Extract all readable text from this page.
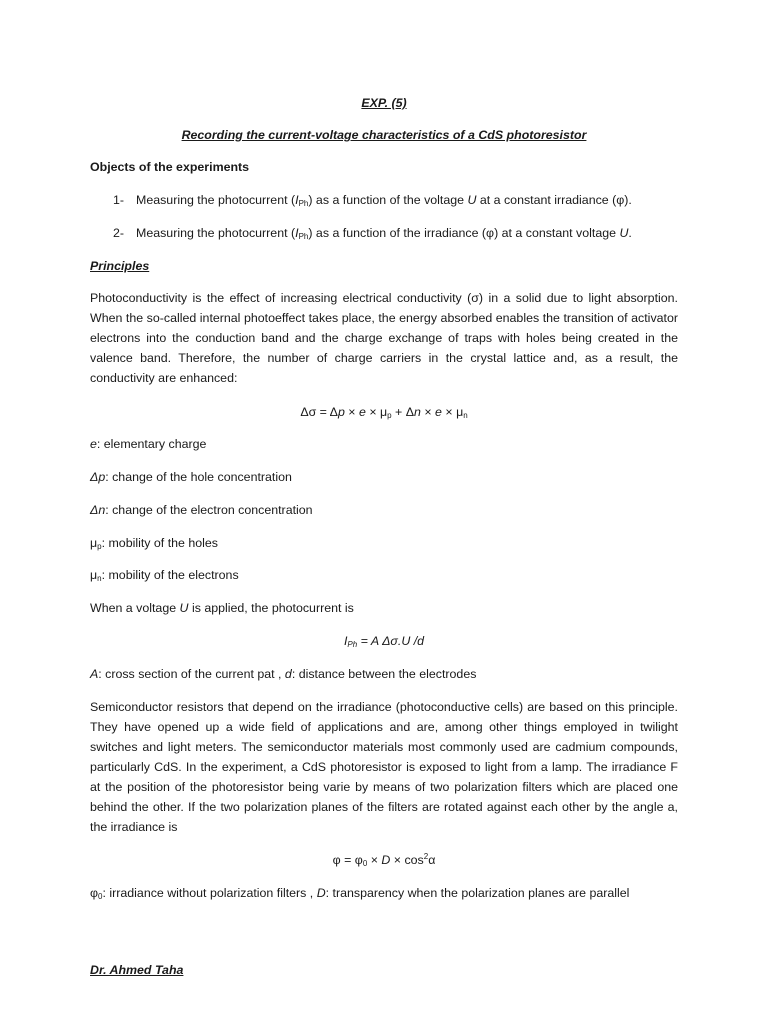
EXP. (5)
Recording the current-voltage characteristics of a CdS photoresistor
Objects of the experiments
1- Measuring the photocurrent $(I_{Ph})$ as a function of the voltage U at a constant irradiance (φ).
2- Measuring the photocurrent $(I_{Ph})$ as a function of the irradiance (φ) at a constant voltage U.
Principles
Photoconductivity is the effect of increasing electrical conductivity (σ) in a solid due to light absorption. When the so-called internal photoeffect takes place, the energy absorbed enables the transition of activator electrons into the conduction band and the charge exchange of traps with holes being created in the valence band. Therefore, the number of charge carriers in the crystal lattice and, as a result, the conductivity are enhanced:
$\Delta\sigma = \Delta p \times e \times \mu_p + \Delta n \times e \times \mu_n$
e: elementary charge
Δp: change of the hole concentration
Δn: change of the electron concentration
$\mu_p$: mobility of the holes
$\mu_n$: mobility of the electrons
When a voltage U is applied, the photocurrent is
$I_{Ph} = A$ Δσ.U /d
A: cross section of the current pat , d: distance between the electrodes
Semiconductor resistors that depend on the irradiance (photoconductive cells) are based on this principle. They have opened up a wide field of applications and are, among other things employed in twilight switches and light meters. The semiconductor materials most commonly used are cadmium compounds, particularly CdS. In the experiment, a CdS photoresistor is exposed to light from a lamp. The irradiance F at the position of the photoresistor being varie by means of two polarization filters which are placed one behind the other. If the two polarization planes of the filters are rotated against each other by the angle a, the irradiance is
$\varphi = \varphi_0 \times D \times \cos^2\alpha$
$\varphi_0$: irradiance without polarization filters , D: transparency when the polarization planes are parallel
Dr. Ahmed Taha
